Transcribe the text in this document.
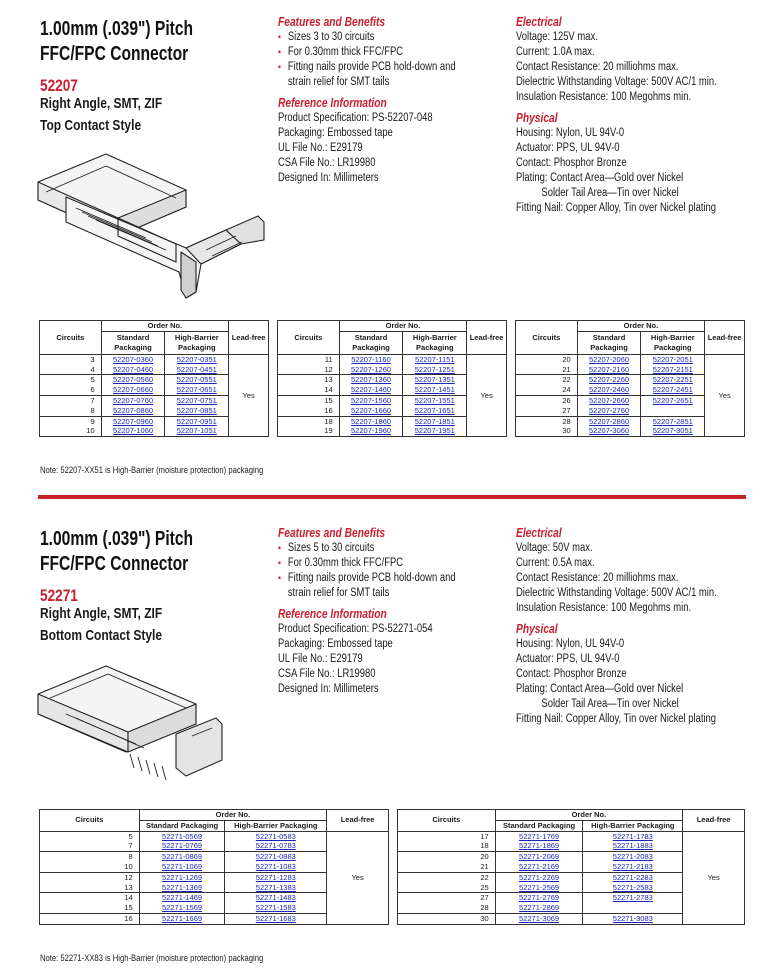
1.00mm (.039") Pitch
FFC/FPC Connector
52207
Right Angle, SMT, ZIF
Top Contact Style
Features and Benefits
▪ Sizes 3 to 30 circuits
▪ For 0.30mm thick FFC/FPC
▪ Fitting nails provide PCB hold-down and
strain relief for SMT tails
Reference Information
Product Specification: PS-52207-048
Packaging: Embossed tape
UL File No.: E29179
CSA File No.: LR19980
Designed In: Millimeters
Electrical
Voltage: 125V max.
Current: 1.0A max.
Contact Resistance: 20 milliohms max.
Dielectric Withstanding Voltage: 500V AC/1 min.
Insulation Resistance: 100 Megohms min.
Physical
Housing: Nylon, UL 94V-0
Actuator: PPS, UL 94V-0
Contact: Phosphor Bronze
Plating: Contact Area—Gold over Nickel
Solder Tail Area—Tin over Nickel
Fitting Nail: Copper Alloy, Tin over Nickel plating
Circuits	Order No.		Lead-free
	Standard Packaging	High-Barrier Packaging	
3	52207-0360	52207-0351	Yes
4	52207-0460	52207-0451	
5	52207-0560	52207-0551	
6	52207-0660	52207-0651	
7	52207-0760	52207-0751	
8	52207-0860	52207-0851	
9	52207-0960	52207-0951	
10	52207-1060	52207-1051	
Circuits	Order No.		Lead-free
	Standard Packaging	High-Barrier Packaging	
11	52207-1160	52207-1151	Yes
12	52207-1260	52207-1251	
13	52207-1360	52207-1351	
14	52207-1460	52207-1451	
15	52207-1560	52207-1551	
16	52207-1660	52207-1651	
18	52207-1860	52207-1851	
19	52207-1960	52207-1951	
Circuits	Order No.		Lead-free
	Standard Packaging	High-Barrier Packaging	
20	52207-2060	52207-2051	Yes
21	52207-2160	52207-2151	
22	52207-2260	52207-2251	
24	52207-2460	52207-2451	
26	52207-2660	52207-2651	
27	52207-2760		
28	52207-2860	52207-2851	
30	52207-3060	52207-3051	
Note: 52207-XX51 is High-Barrier (moisture protection) packaging
1.00mm (.039") Pitch
FFC/FPC Connector
52271
Right Angle, SMT, ZIF
Bottom Contact Style
Features and Benefits
▪ Sizes 5 to 30 circuits
▪ For 0.30mm thick FFC/FPC
▪ Fitting nails provide PCB hold-down and
strain relief for SMT tails
Reference Information
Product Specification: PS-52271-054
Packaging: Embossed tape
UL File No.: E29179
CSA File No.: LR19980
Designed In: Millimeters
Electrical
Voltage: 50V max.
Current: 0.5A max.
Contact Resistance: 20 milliohms max.
Dielectric Withstanding Voltage: 500V AC/1 min.
Insulation Resistance: 100 Megohms min.
Physical
Housing: Nylon, UL 94V-0
Actuator: PPS, UL 94V-0
Contact: Phosphor Bronze
Plating: Contact Area—Gold over Nickel
Solder Tail Area—Tin over Nickel
Fitting Nail: Copper Alloy, Tin over Nickel plating
Circuits	Order No.		Lead-free
	Standard Packaging	High-Barrier Packaging	
5	52271-0569	52271-0583	Yes
7	52271-0769	52271-0783	
8	52271-0869	52271-0883	
10	52271-1069	52271-1083	
12	52271-1269	52271-1283	
13	52271-1369	52271-1383	
14	52271-1469	52271-1483	
15	52271-1569	52271-1583	
16	52271-1669	52271-1683	
Circuits	Order No.		Lead-free
	Standard Packaging	High-Barrier Packaging	
17	52271-1769	52271-1783	Yes
18	52271-1869	52271-1883	
20	52271-2069	52271-2083	
21	52271-2169	52271-2183	
22	52271-2269	52271-2283	
25	52271-2569	52271-2583	
27	52271-2769	52271-2783	
28	52271-2869		
30	52271-3069	52271-3083	
Note: 52271-XX83 is High-Barrier (moisture protection) packaging
